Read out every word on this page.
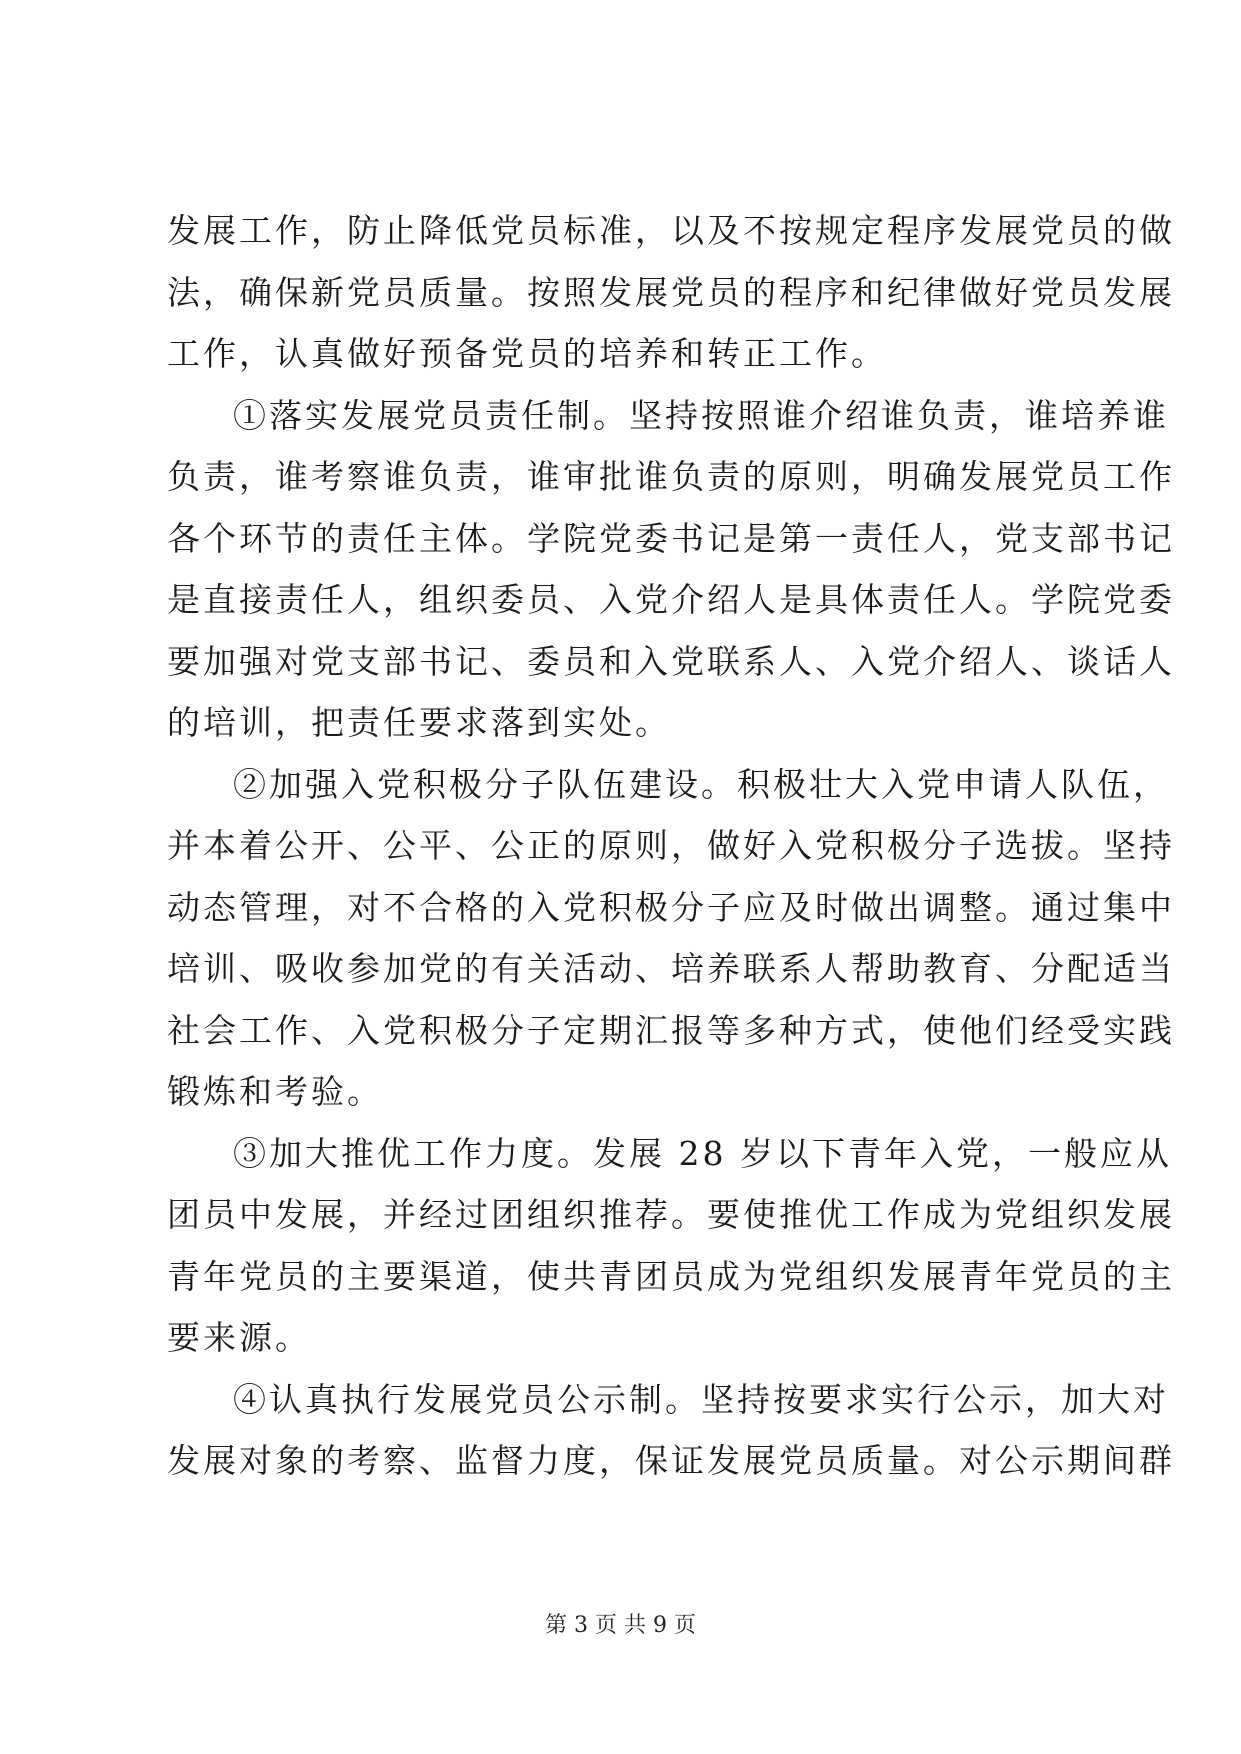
发展工作，防止降低党员标准，以及不按规定程序发展党员的做
法，确保新党员质量。按照发展党员的程序和纪律做好党员发展
工作，认真做好预备党员的培养和转正工作。
①落实发展党员责任制。坚持按照谁介绍谁负责，谁培养谁
负责，谁考察谁负责，谁审批谁负责的原则，明确发展党员工作
各个环节的责任主体。学院党委书记是第一责任人，党支部书记
是直接责任人，组织委员、入党介绍人是具体责任人。学院党委
要加强对党支部书记、委员和入党联系人、入党介绍人、谈话人
的培训，把责任要求落到实处。
②加强入党积极分子队伍建设。积极壮大入党申请人队伍，
并本着公开、公平、公正的原则，做好入党积极分子选拔。坚持
动态管理，对不合格的入党积极分子应及时做出调整。通过集中
培训、吸收参加党的有关活动、培养联系人帮助教育、分配适当
社会工作、入党积极分子定期汇报等多种方式，使他们经受实践
锻炼和考验。
③加大推优工作力度。发展 28 岁以下青年入党，一般应从
团员中发展，并经过团组织推荐。要使推优工作成为党组织发展
青年党员的主要渠道，使共青团员成为党组织发展青年党员的主
要来源。
④认真执行发展党员公示制。坚持按要求实行公示，加大对
发展对象的考察、监督力度，保证发展党员质量。对公示期间群
第 3 页 共 9 页
